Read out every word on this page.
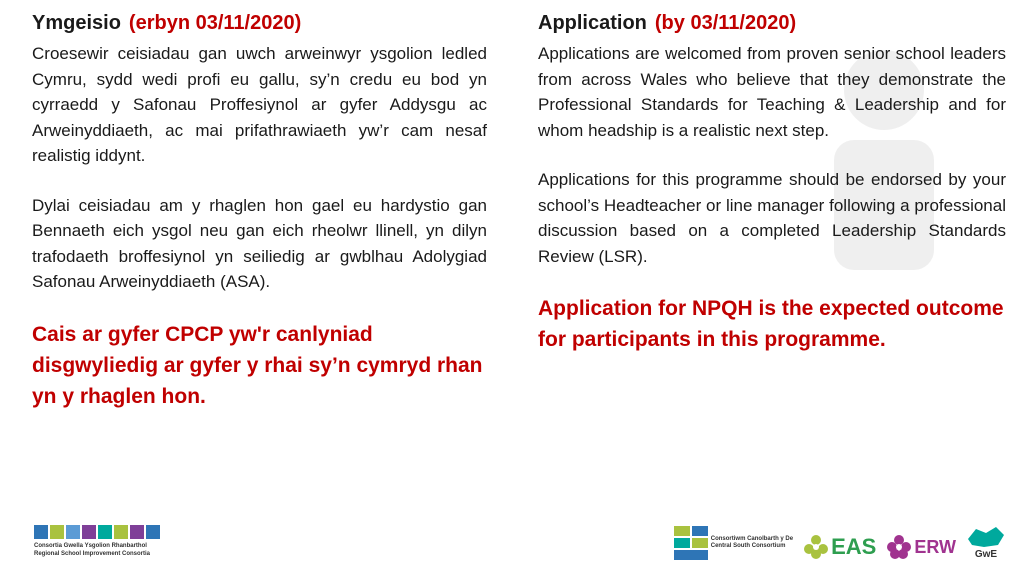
Ymgeisio (erbyn 03/11/2020)

Croesewir ceisiadau gan uwch arweinwyr ysgolion ledled Cymru, sydd wedi profi eu gallu, sy’n credu eu bod yn cyrraedd y Safonau Proffesiynol ar gyfer Addysgu ac Arweinyddiaeth, ac mai prifathrawiaeth yw’r cam nesaf realistig iddynt.

Dylai ceisiadau am y rhaglen hon gael eu hardystio gan Bennaeth eich ysgol neu gan eich rheolwr llinell, yn dilyn trafodaeth broffesiynol yn seiliedig ar gwblhau Adolygiad Safonau Arweinyddiaeth (ASA).

Cais ar gyfer CPCP yw'r canlyniad disgwyliedig ar gyfer y rhai sy’n cymryd rhan yn y rhaglen hon.

Application (by 03/11/2020)

Applications are welcomed from proven senior school leaders from across Wales who believe that they demonstrate the Professional Standards for Teaching & Leadership and for whom headship is a realistic next step.

Applications for this programme should be endorsed by your school’s Headteacher or line manager following a professional discussion based on a completed Leadership Standards Review (LSR).

Application for NPQH is the expected outcome for participants in this programme.

Consortia Gwella Ysgolion Rhanbarthol
Regional School Improvement Consortia
Consortiwm Canolbarth y De
Central South Consortium	EAS ERW GwE
